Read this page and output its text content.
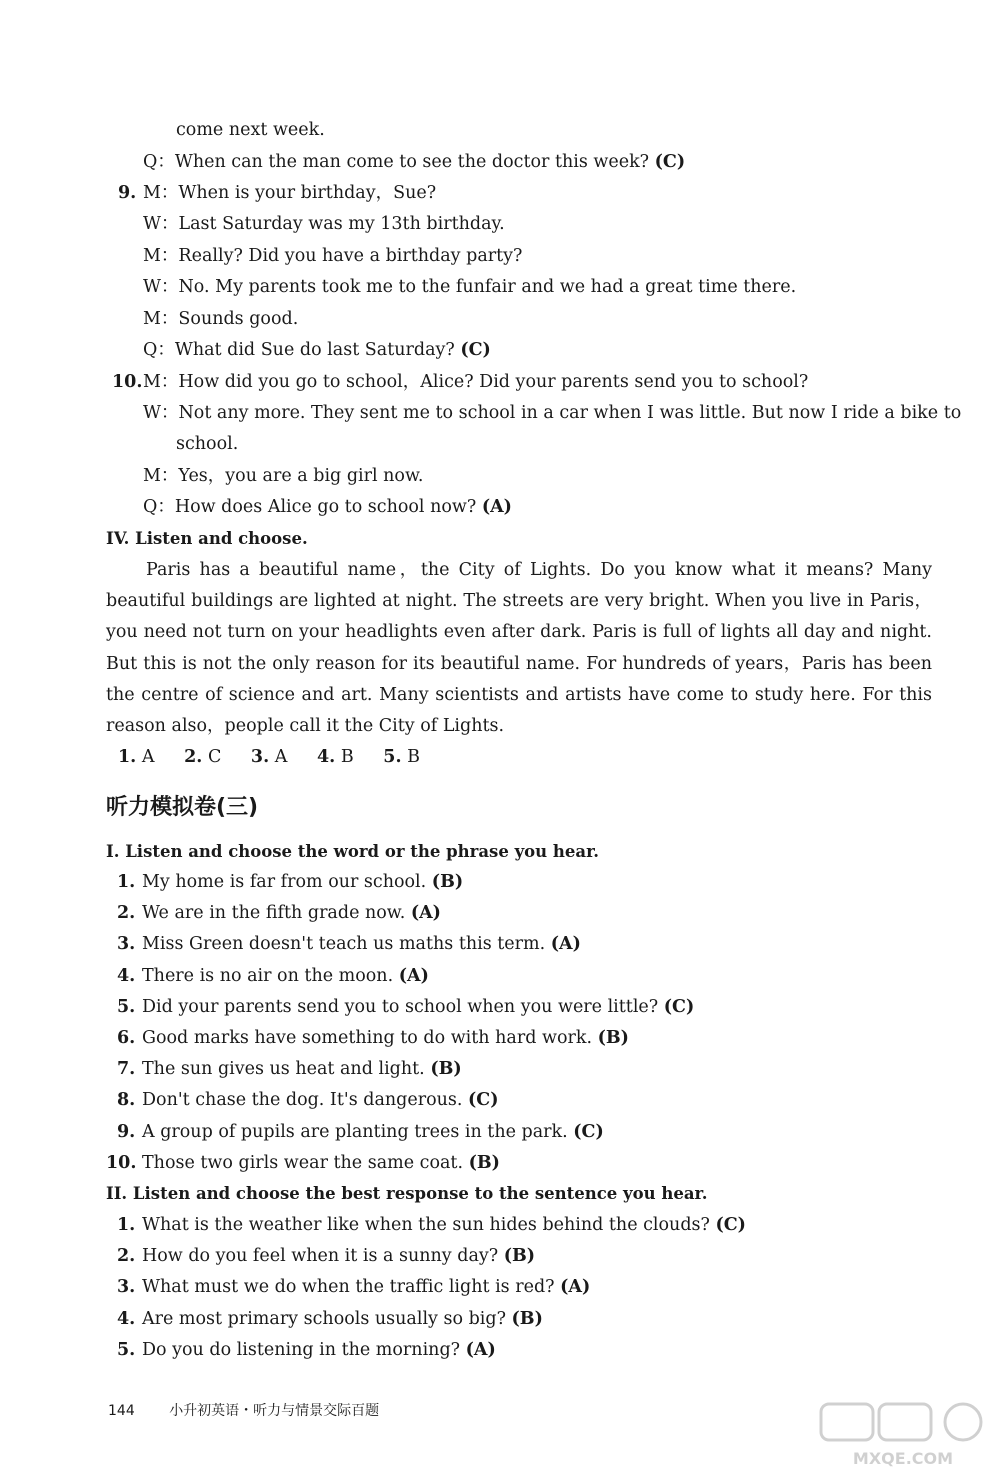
come next week.
Q：When can the man come to see the doctor this week? (C)
9. M：When is your birthday，Sue?
W：Last Saturday was my 13th birthday.
M：Really? Did you have a birthday party?
W：No. My parents took me to the funfair and we had a great time there.
M：Sounds good.
Q：What did Sue do last Saturday? (C)
10.M：How did you go to school，Alice? Did your parents send you to school?
W：Not any more. They sent me to school in a car when I was little. But now I ride a bike to
school.
M：Yes，you are a big girl now.
Q：How does Alice go to school now? (A)
IV. Listen and choose.
Paris has a beautiful name，the City of Lights. Do you know what it means? Many beautiful buildings are lighted at night. The streets are very bright. When you live in Paris，you need not turn on your headlights even after dark. Paris is full of lights all day and night. But this is not the only reason for its beautiful name. For hundreds of years，Paris has been the centre of science and art. Many scientists and artists have come to study here. For this reason also，people call it the City of Lights.
1. A 2. C 3. A 4. B 5. B
听力模拟卷(三)
I. Listen and choose the word or the phrase you hear.
1. My home is far from our school. (B)
2. We are in the fifth grade now. (A)
3. Miss Green doesn't teach us maths this term. (A)
4. There is no air on the moon. (A)
5. Did your parents send you to school when you were little? (C)
6. Good marks have something to do with hard work. (B)
7. The sun gives us heat and light. (B)
8. Don't chase the dog. It's dangerous. (C)
9. A group of pupils are planting trees in the park. (C)
10. Those two girls wear the same coat. (B)
II. Listen and choose the best response to the sentence you hear.
1. What is the weather like when the sun hides behind the clouds? (C)
2. How do you feel when it is a sunny day? (B)
3. What must we do when the traffic light is red? (A)
4. Are most primary schools usually so big? (B)
5. Do you do listening in the morning? (A)
144 小升初英语・听力与情景交际百题
MXQE.COM
